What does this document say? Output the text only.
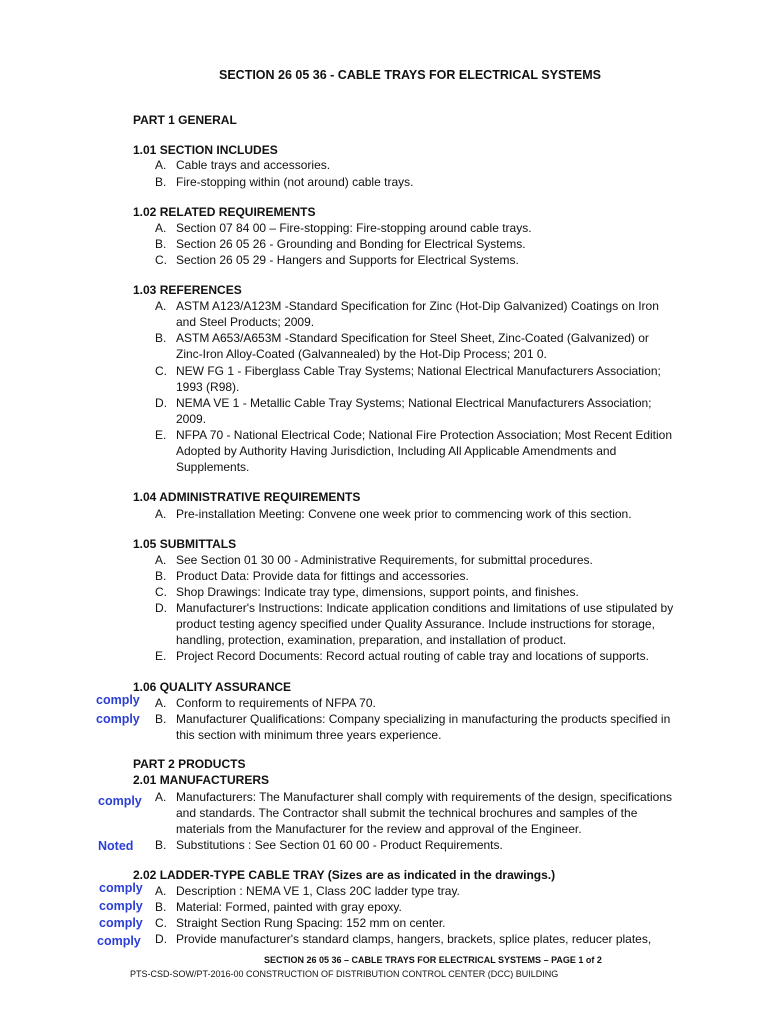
SECTION 26 05 36 - CABLE TRAYS FOR ELECTRICAL SYSTEMS
PART 1 GENERAL
1.01 SECTION INCLUDES
A. Cable trays and accessories.
B. Fire-stopping within (not around) cable trays.
1.02 RELATED REQUIREMENTS
A. Section 07 84 00 – Fire-stopping: Fire-stopping around cable trays.
B. Section 26 05 26 - Grounding and Bonding for Electrical Systems.
C. Section 26 05 29 - Hangers and Supports for Electrical Systems.
1.03 REFERENCES
A. ASTM A123/A123M -Standard Specification for Zinc (Hot-Dip Galvanized) Coatings on Iron
and Steel Products; 2009.
B. ASTM A653/A653M -Standard Specification for Steel Sheet, Zinc-Coated (Galvanized) or
Zinc-Iron Alloy-Coated (Galvannealed) by the Hot-Dip Process; 201 0.
C. NEW FG 1 - Fiberglass Cable Tray Systems; National Electrical Manufacturers Association;
1993 (R98).
D. NEMA VE 1 - Metallic Cable Tray Systems; National Electrical Manufacturers Association;
2009.
E. NFPA 70 - National Electrical Code; National Fire Protection Association; Most Recent Edition
Adopted by Authority Having Jurisdiction, Including All Applicable Amendments and
Supplements.
1.04 ADMINISTRATIVE REQUIREMENTS
A. Pre-installation Meeting: Convene one week prior to commencing work of this section.
1.05 SUBMITTALS
A. See Section 01 30 00 - Administrative Requirements, for submittal procedures.
B. Product Data: Provide data for fittings and accessories.
C. Shop Drawings: Indicate tray type, dimensions, support points, and finishes.
D. Manufacturer's Instructions: Indicate application conditions and limitations of use stipulated by
product testing agency specified under Quality Assurance. Include instructions for storage,
handling, protection, examination, preparation, and installation of product.
E. Project Record Documents: Record actual routing of cable tray and locations of supports.
1.06 QUALITY ASSURANCE
comply A. Conform to requirements of NFPA 70.
comply B. Manufacturer Qualifications: Company specializing in manufacturing the products specified in
this section with minimum three years experience.
PART 2 PRODUCTS
2.01 MANUFACTURERS
comply A. Manufacturers: The Manufacturer shall comply with requirements of the design, specifications
and standards. The Contractor shall submit the technical brochures and samples of the
materials from the Manufacturer for the review and approval of the Engineer.
Noted B. Substitutions : See Section 01 60 00 - Product Requirements.
2.02 LADDER-TYPE CABLE TRAY (Sizes are as indicated in the drawings.)
comply A. Description : NEMA VE 1, Class 20C ladder type tray.
comply B. Material: Formed, painted with gray epoxy.
comply C. Straight Section Rung Spacing: 152 mm on center.
comply D. Provide manufacturer's standard clamps, hangers, brackets, splice plates, reducer plates,
SECTION 26 05 36 – CABLE TRAYS FOR ELECTRICAL SYSTEMS – PAGE 1 of 2
PTS-CSD-SOW/PT-2016-00 CONSTRUCTION OF DISTRIBUTION CONTROL CENTER (DCC) BUILDING
